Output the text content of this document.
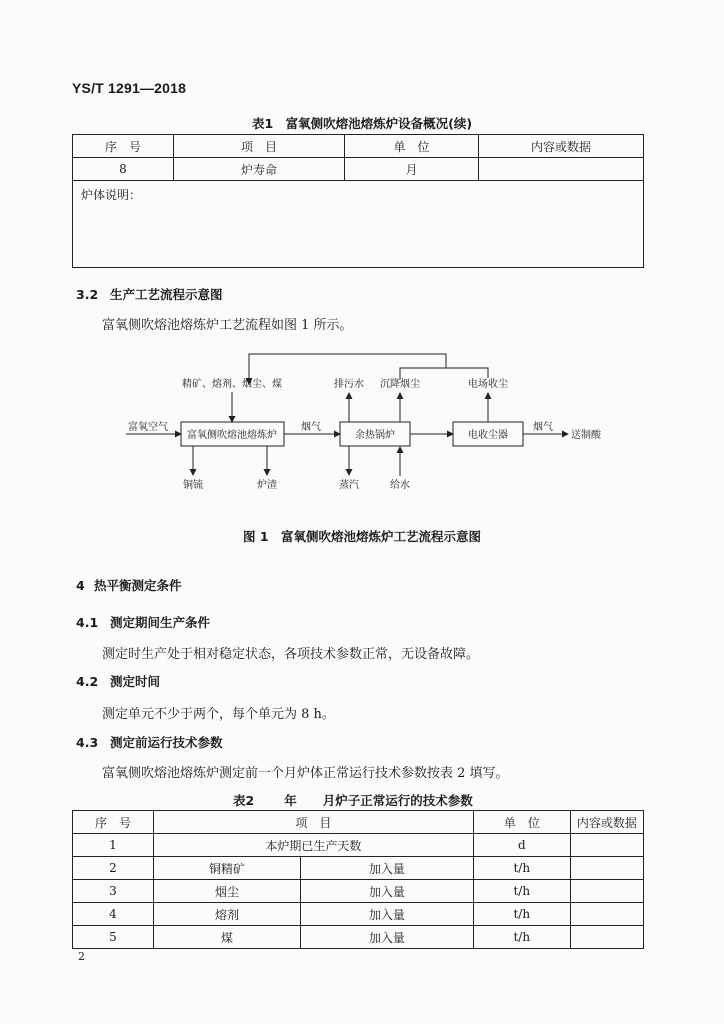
YS/T 1291—2018
表1　富氧侧吹熔池熔炼炉设备概况(续)
序　号	项　目	单　位	内容或数据
8	炉寿命	月	
炉体说明：			
3.2 生产工艺流程示意图
富氧侧吹熔池熔炼炉工艺流程如图 1 所示。
精矿、熔剂、烟尘、煤
富氧空气
富氧侧吹熔池熔炼炉
烟气
余热锅炉	电收尘器
烟气
送制酸
铜锍	炉渣	蒸汽	给水
排污水 沉降烟尘	电场收尘
图 1　富氧侧吹熔池熔炼炉工艺流程示意图
4 热平衡测定条件
4.1 测定期间生产条件
测定时生产处于相对稳定状态，各项技术参数正常，无设备故障。
4.2 测定时间
测定单元不少于两个，每个单元为 8 h。
4.3 测定前运行技术参数
富氧侧吹熔池熔炼炉测定前一个月炉体正常运行技术参数按表 2 填写。
表2 年 月炉子正常运行的技术参数
序　号	项　目		单　位	内容或数据
1	本炉期已生产天数		d	
2	铜精矿	加入量	t/h	
3	烟尘	加入量	t/h	
4	熔剂	加入量	t/h	
5	煤	加入量	t/h	
2
